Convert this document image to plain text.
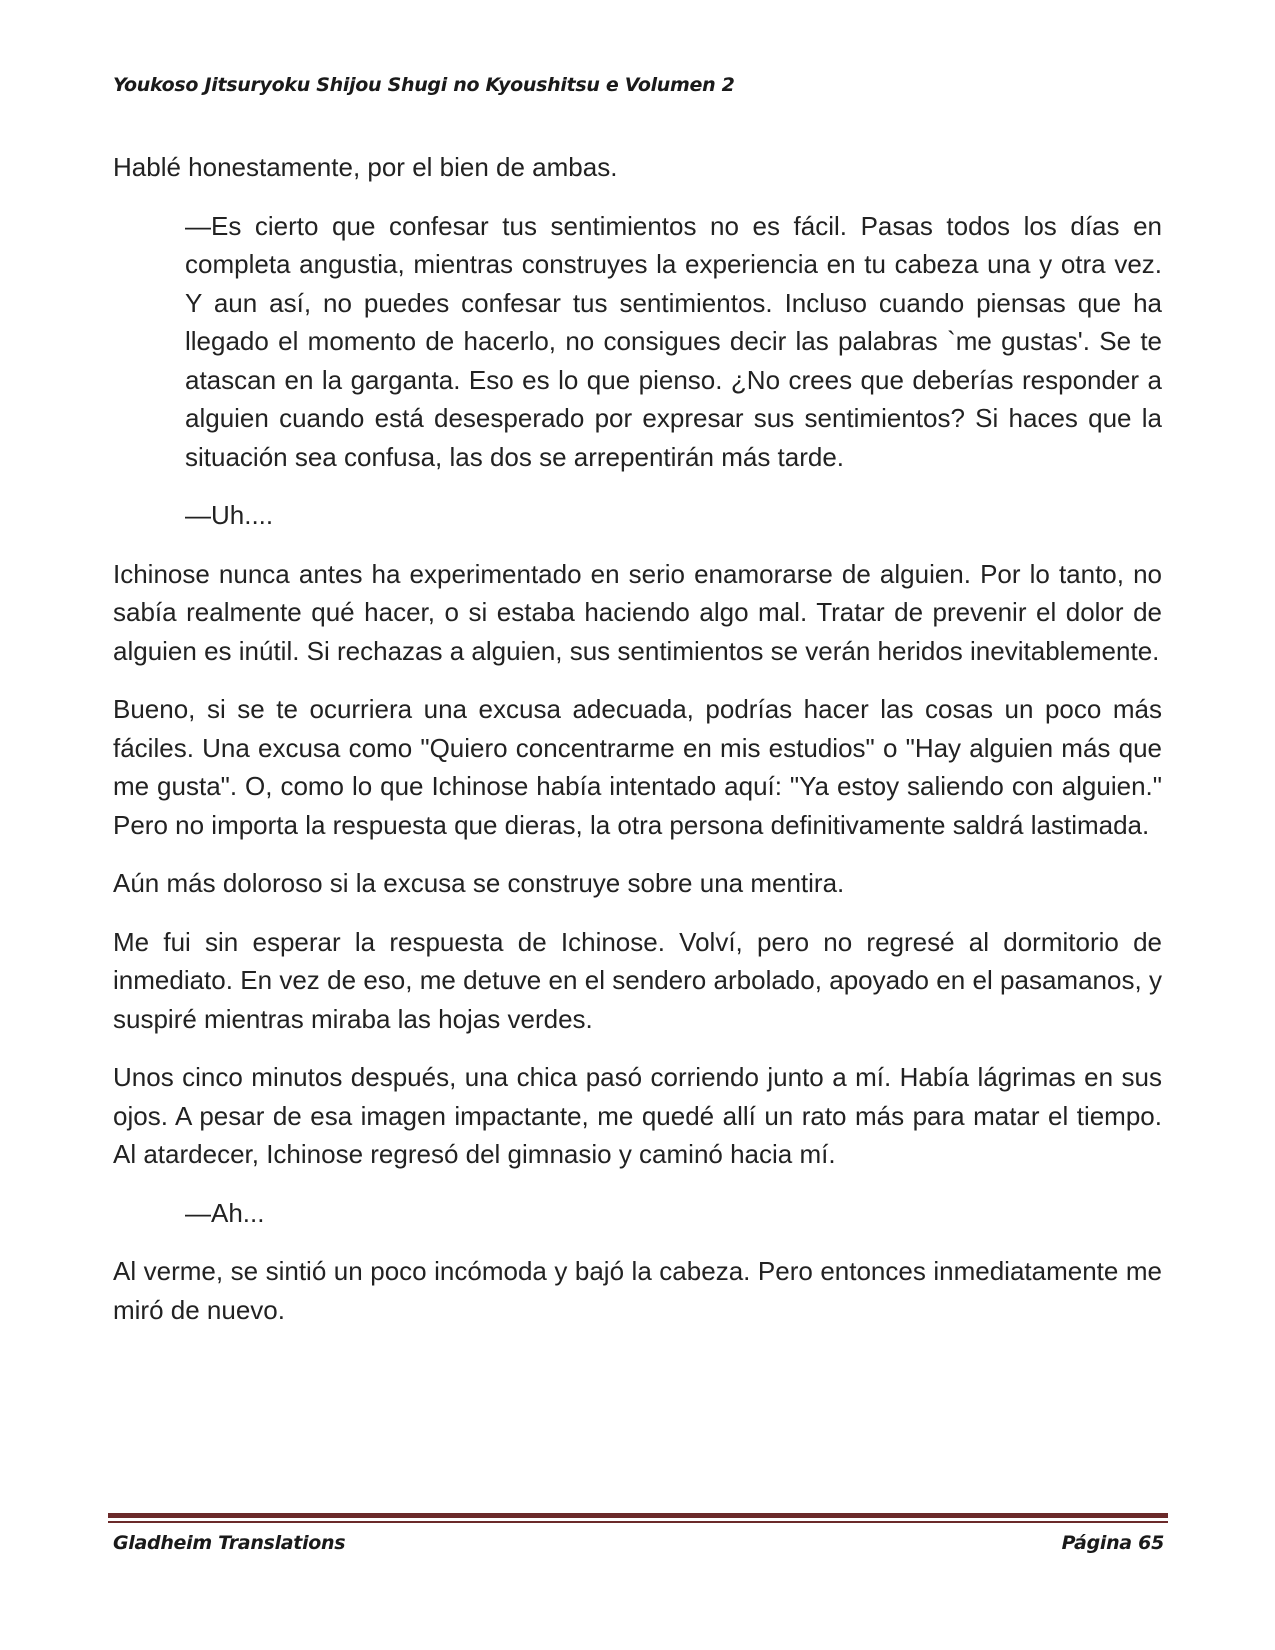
Youkoso Jitsuryoku Shijou Shugi no Kyoushitsu e Volumen 2

Hablé honestamente, por el bien de ambas.

—Es cierto que confesar tus sentimientos no es fácil. Pasas todos los días en completa angustia, mientras construyes la experiencia en tu cabeza una y otra vez. Y aun así, no puedes confesar tus sentimientos. Incluso cuando piensas que ha llegado el momento de hacerlo, no consigues decir las palabras `me gustas'. Se te atascan en la garganta. Eso es lo que pienso. ¿No crees que deberías responder a alguien cuando está desesperado por expresar sus sentimientos? Si haces que la situación sea confusa, las dos se arrepentirán más tarde.

—Uh....

Ichinose nunca antes ha experimentado en serio enamorarse de alguien. Por lo tanto, no sabía realmente qué hacer, o si estaba haciendo algo mal. Tratar de prevenir el dolor de alguien es inútil. Si rechazas a alguien, sus sentimientos se verán heridos inevitablemente.

Bueno, si se te ocurriera una excusa adecuada, podrías hacer las cosas un poco más fáciles. Una excusa como "Quiero concentrarme en mis estudios" o "Hay alguien más que me gusta". O, como lo que Ichinose había intentado aquí: "Ya estoy saliendo con alguien." Pero no importa la respuesta que dieras, la otra persona definitivamente saldrá lastimada.

Aún más doloroso si la excusa se construye sobre una mentira.

Me fui sin esperar la respuesta de Ichinose. Volví, pero no regresé al dormitorio de inmediato. En vez de eso, me detuve en el sendero arbolado, apoyado en el pasamanos, y suspiré mientras miraba las hojas verdes.

Unos cinco minutos después, una chica pasó corriendo junto a mí. Había lágrimas en sus ojos. A pesar de esa imagen impactante, me quedé allí un rato más para matar el tiempo. Al atardecer, Ichinose regresó del gimnasio y caminó hacia mí.

—Ah...

Al verme, se sintió un poco incómoda y bajó la cabeza. Pero entonces inmediatamente me miró de nuevo.

Gladheim Translations	Página 65
